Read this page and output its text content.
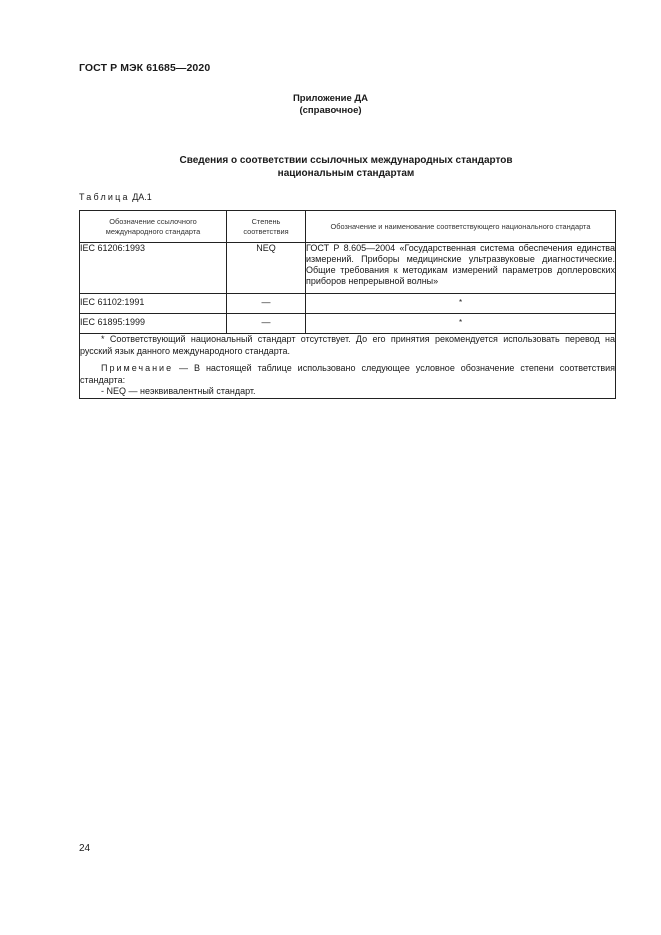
ГОСТ Р МЭК 61685—2020
Приложение ДА
(справочное)
Сведения о соответствии ссылочных международных стандартов
национальным стандартам
Таблица ДА.1
Обозначение ссылочного международного стандарта	Степень соответствия	Обозначение и наименование соответствующего национального стандарта
IEC 61206:1993	NEQ	ГОСТ Р 8.605—2004 «Государственная система обеспечения единства измерений. Приборы медицинские ультразвуковые диагностические. Общие требования к методикам измерений параметров доплеровских приборов непрерывной волны»
IEC 61102:1991	—	*
IEC 61895:1999	—	*

* Соответствующий национальный стандарт отсутствует. До его принятия рекомендуется использовать перевод на русский язык данного международного стандарта.

Примечание — В настоящей таблице использовано следующее условное обозначение степени соответствия стандарта:

- NEQ — неэквивалентный стандарт.		

24
